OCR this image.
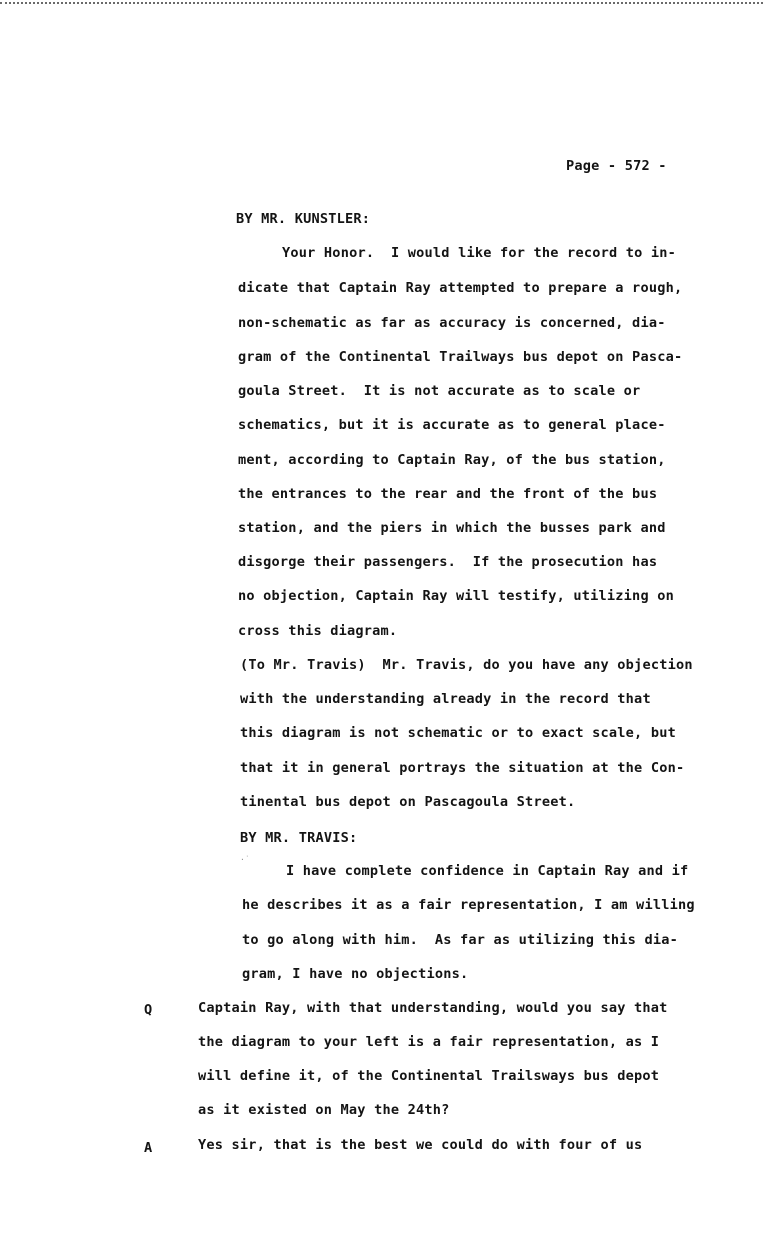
Page - 572 -
BY MR. KUNSTLER:
Your Honor.  I would like for the record to in-
dicate that Captain Ray attempted to prepare a rough,
non-schematic as far as accuracy is concerned, dia-
gram of the Continental Trailways bus depot on Pasca-
goula Street.  It is not accurate as to scale or
schematics, but it is accurate as to general place-
ment, according to Captain Ray, of the bus station,
the entrances to the rear and the front of the bus
station, and the piers in which the busses park and
disgorge their passengers.  If the prosecution has
no objection, Captain Ray will testify, utilizing on
cross this diagram.
(To Mr. Travis)  Mr. Travis, do you have any objection
with the understanding already in the record that
this diagram is not schematic or to exact scale, but
that it in general portrays the situation at the Con-
tinental bus depot on Pascagoula Street.
BY MR. TRAVIS:
·˙
I have complete confidence in Captain Ray and if
he describes it as a fair representation, I am willing
to go along with him.  As far as utilizing this dia-
gram, I have no objections.
Q	Captain Ray, with that understanding, would you say that
the diagram to your left is a fair representation, as I
will define it, of the Continental Trailsways bus depot
as it existed on May the 24th?
A	Yes sir, that is the best we could do with four of us
